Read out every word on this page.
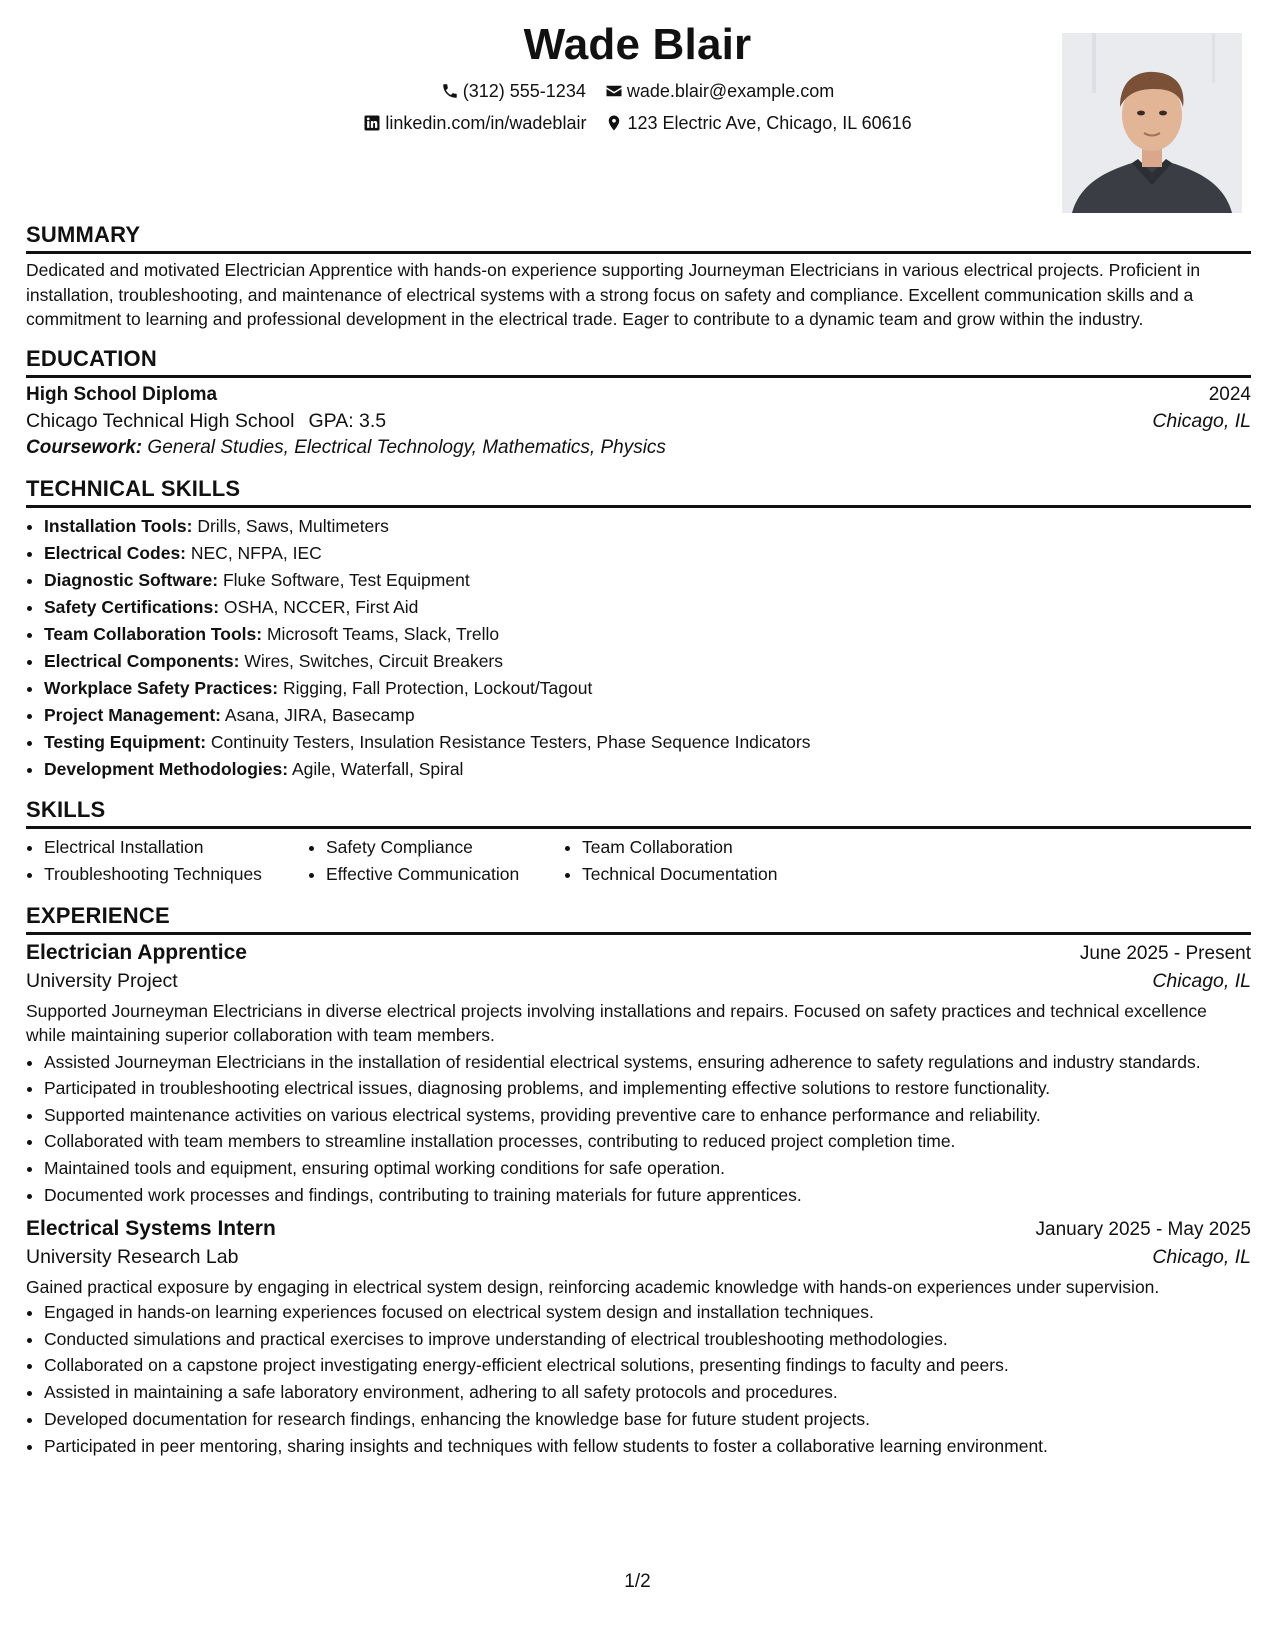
Wade Blair
(312) 555-1234
wade.blair@example.com
linkedin.com/in/wadeblair
123 Electric Ave, Chicago, IL 60616
SUMMARY

Dedicated and motivated Electrician Apprentice with hands-on experience supporting Journeyman Electricians in various electrical projects. Proficient in installation, troubleshooting, and maintenance of electrical systems with a strong focus on safety and compliance. Excellent communication skills and a commitment to learning and professional development in the electrical trade. Eager to contribute to a dynamic team and grow within the industry.

EDUCATION
High School Diploma	2024
Chicago Technical High School GPA: 3.5	Chicago, IL
Coursework: General Studies, Electrical Technology, Mathematics, Physics
TECHNICAL SKILLS
• Installation Tools: Drills, Saws, Multimeters
• Electrical Codes: NEC, NFPA, IEC
• Diagnostic Software: Fluke Software, Test Equipment
• Safety Certifications: OSHA, NCCER, First Aid
• Team Collaboration Tools: Microsoft Teams, Slack, Trello
• Electrical Components: Wires, Switches, Circuit Breakers
• Workplace Safety Practices: Rigging, Fall Protection, Lockout/Tagout
• Project Management: Asana, JIRA, Basecamp
• Testing Equipment: Continuity Testers, Insulation Resistance Testers, Phase Sequence Indicators
• Development Methodologies: Agile, Waterfall, Spiral
SKILLS
• Electrical Installation
• Troubleshooting Techniques
• Safety Compliance
• Effective Communication
• Team Collaboration
• Technical Documentation
EXPERIENCE
Electrician Apprentice	June 2025 - Present
University Project	Chicago, IL

Supported Journeyman Electricians in diverse electrical projects involving installations and repairs. Focused on safety practices and technical excellence while maintaining superior collaboration with team members.

• Assisted Journeyman Electricians in the installation of residential electrical systems, ensuring adherence to safety regulations and industry standards.
• Participated in troubleshooting electrical issues, diagnosing problems, and implementing effective solutions to restore functionality.
• Supported maintenance activities on various electrical systems, providing preventive care to enhance performance and reliability.
• Collaborated with team members to streamline installation processes, contributing to reduced project completion time.
• Maintained tools and equipment, ensuring optimal working conditions for safe operation.
• Documented work processes and findings, contributing to training materials for future apprentices.
Electrical Systems Intern	January 2025 - May 2025
University Research Lab	Chicago, IL

Gained practical exposure by engaging in electrical system design, reinforcing academic knowledge with hands-on experiences under supervision.

• Engaged in hands-on learning experiences focused on electrical system design and installation techniques.
• Conducted simulations and practical exercises to improve understanding of electrical troubleshooting methodologies.
• Collaborated on a capstone project investigating energy-efficient electrical solutions, presenting findings to faculty and peers.
• Assisted in maintaining a safe laboratory environment, adhering to all safety protocols and procedures.
• Developed documentation for research findings, enhancing the knowledge base for future student projects.
• Participated in peer mentoring, sharing insights and techniques with fellow students to foster a collaborative learning environment.
1/2
